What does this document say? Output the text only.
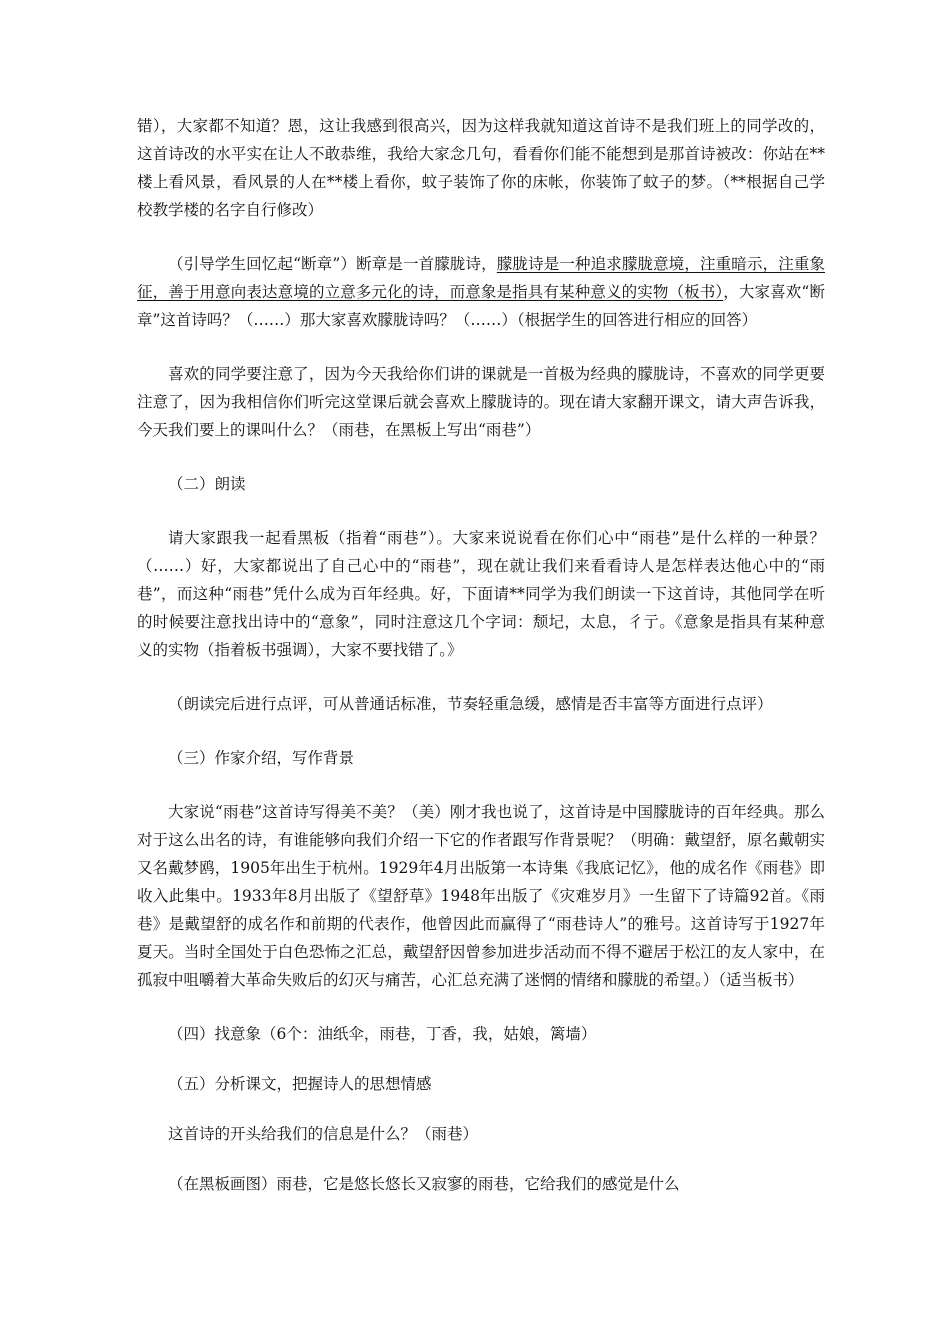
错），大家都不知道？恩，这让我感到很高兴，因为这样我就知道这首诗不是我们班上的同学改的，这首诗改的水平实在让人不敢恭维，我给大家念几句，看看你们能不能想到是那首诗被改：你站在**楼上看风景，看风景的人在**楼上看你，蚊子装饰了你的床帐，你装饰了蚊子的梦。（**根据自己学校教学楼的名字自行修改）

（引导学生回忆起“断章”）断章是一首朦胧诗，朦胧诗是一种追求朦胧意境，注重暗示，注重象征，善于用意向表达意境的立意多元化的诗，而意象是指具有某种意义的实物（板书），大家喜欢“断章”这首诗吗？（……）那大家喜欢朦胧诗吗？（……）（根据学生的回答进行相应的回答）

喜欢的同学要注意了，因为今天我给你们讲的课就是一首极为经典的朦胧诗，不喜欢的同学更要注意了，因为我相信你们听完这堂课后就会喜欢上朦胧诗的。现在请大家翻开课文，请大声告诉我，今天我们要上的课叫什么？（雨巷，在黑板上写出“雨巷”）

（二）朗读

请大家跟我一起看黑板（指着“雨巷”）。大家来说说看在你们心中“雨巷”是什么样的一种景？（……）好，大家都说出了自己心中的“雨巷”，现在就让我们来看看诗人是怎样表达他心中的“雨巷”，而这种“雨巷”凭什么成为百年经典。好，下面请**同学为我们朗读一下这首诗，其他同学在听的时候要注意找出诗中的“意象”，同时注意这几个字词：颓圮，太息，彳亍。《意象是指具有某种意义的实物（指着板书强调），大家不要找错了。》

（朗读完后进行点评，可从普通话标准，节奏轻重急缓，感情是否丰富等方面进行点评）

（三）作家介绍，写作背景

大家说“雨巷”这首诗写得美不美？（美）刚才我也说了，这首诗是中国朦胧诗的百年经典。那么对于这么出名的诗，有谁能够向我们介绍一下它的作者跟写作背景呢？（明确：戴望舒，原名戴朝实又名戴梦鸥，1905年出生于杭州。1929年4月出版第一本诗集《我底记忆》，他的成名作《雨巷》即收入此集中。1933年8月出版了《望舒草》1948年出版了《灾难岁月》一生留下了诗篇92首。《雨巷》是戴望舒的成名作和前期的代表作，他曾因此而赢得了“雨巷诗人”的雅号。这首诗写于1927年夏天。当时全国处于白色恐怖之汇总，戴望舒因曾参加进步活动而不得不避居于松江的友人家中，在孤寂中咀嚼着大革命失败后的幻灭与痛苦，心汇总充满了迷惘的情绪和朦胧的希望。）（适当板书）

（四）找意象（6个：油纸伞，雨巷，丁香，我，姑娘，篱墙）

（五）分析课文，把握诗人的思想情感

这首诗的开头给我们的信息是什么？（雨巷）

（在黑板画图）雨巷，它是悠长悠长又寂寥的雨巷，它给我们的感觉是什么
